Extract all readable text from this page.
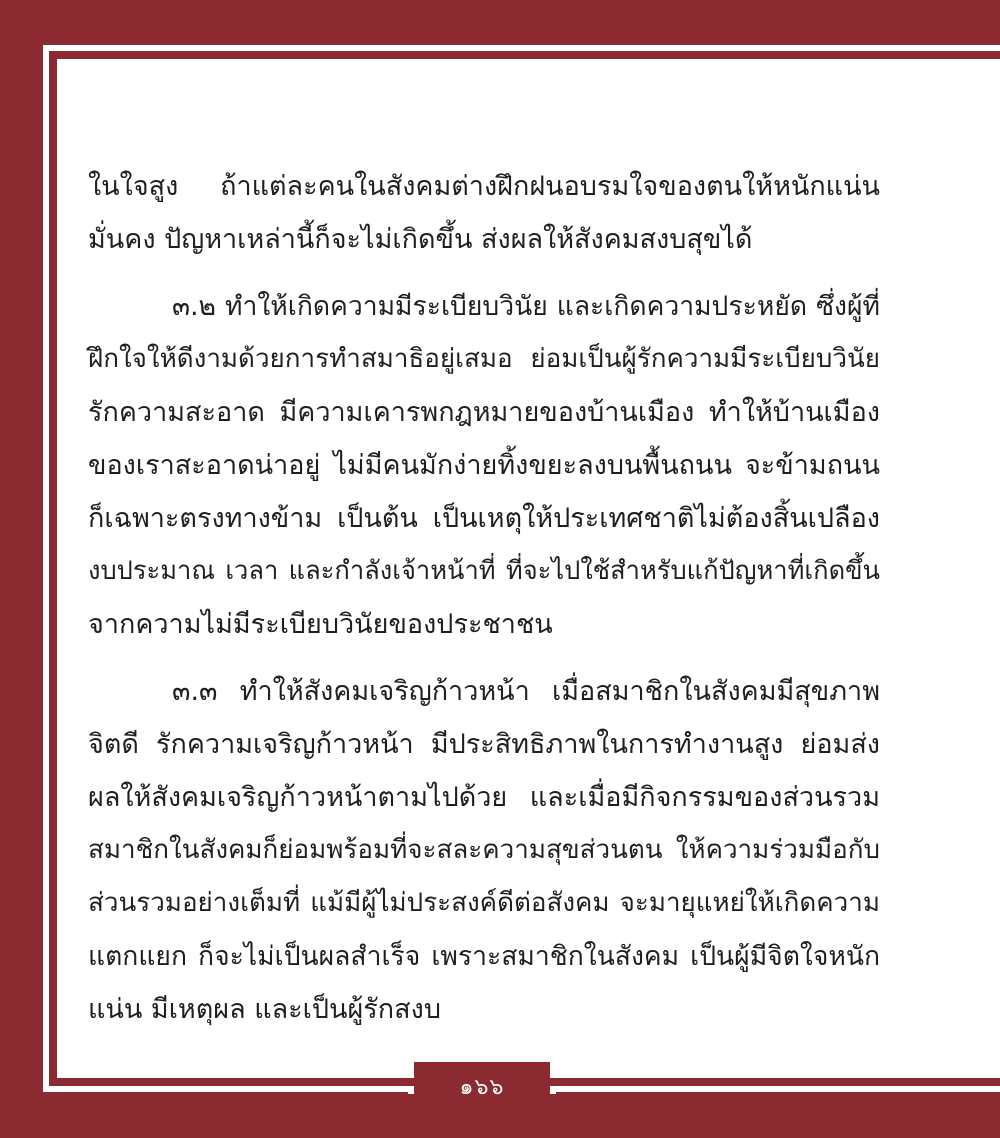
ในใจสูง ถ้าแต่ละคนในสังคมต่างฝึกฝนอบรมใจของตนให้หนักแน่น
มั่นคง ปัญหาเหล่านี้ก็จะไม่เกิดขึ้น ส่งผลให้สังคมสงบสุขได้

๓.๒ ทำให้เกิดความมีระเบียบวินัย และเกิดความประหยัด ซึ่งผู้ที่
ฝึกใจให้ดีงามด้วยการทำสมาธิอยู่เสมอ ย่อมเป็นผู้รักความมีระเบียบวินัย
รักความสะอาด มีความเคารพกฎหมายของบ้านเมือง ทำให้บ้านเมือง
ของเราสะอาดน่าอยู่ ไม่มีคนมักง่ายทิ้งขยะลงบนพื้นถนน จะข้ามถนน
ก็เฉพาะตรงทางข้าม เป็นต้น เป็นเหตุให้ประเทศชาติไม่ต้องสิ้นเปลือง
งบประมาณ เวลา และกำลังเจ้าหน้าที่ ที่จะไปใช้สำหรับแก้ปัญหาที่เกิดขึ้น
จากความไม่มีระเบียบวินัยของประชาชน

๓.๓ ทำให้สังคมเจริญก้าวหน้า เมื่อสมาชิกในสังคมมีสุขภาพ
จิตดี รักความเจริญก้าวหน้า มีประสิทธิภาพในการทำงานสูง ย่อมส่ง
ผลให้สังคมเจริญก้าวหน้าตามไปด้วย และเมื่อมีกิจกรรมของส่วนรวม
สมาชิกในสังคมก็ย่อมพร้อมที่จะสละความสุขส่วนตน ให้ความร่วมมือกับ
ส่วนรวมอย่างเต็มที่ แม้มีผู้ไม่ประสงค์ดีต่อสังคม จะมายุแหย่ให้เกิดความ
แตกแยก ก็จะไม่เป็นผลสำเร็จ เพราะสมาชิกในสังคม เป็นผู้มีจิตใจหนัก
แน่น มีเหตุผล และเป็นผู้รักสงบ

๑๖๖
